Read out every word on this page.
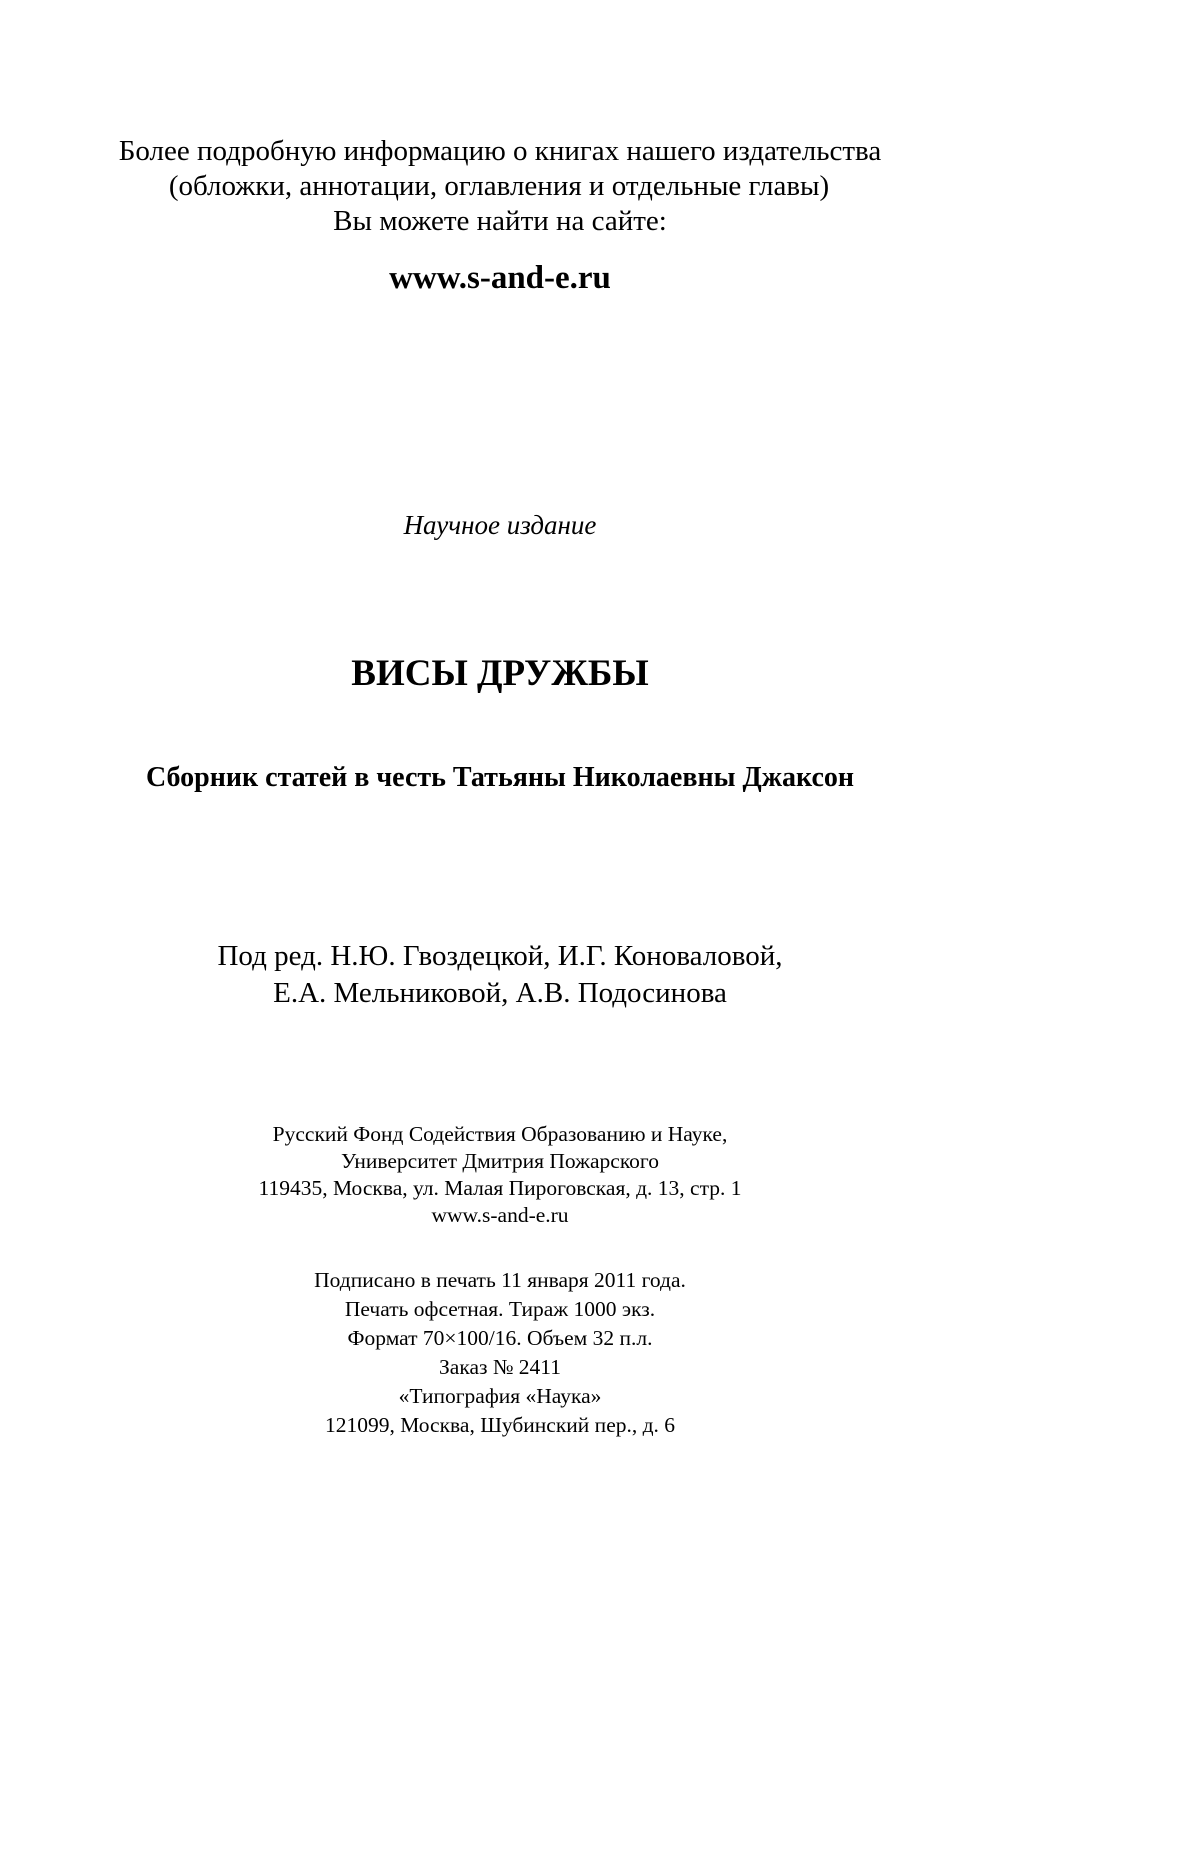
Более подробную информацию о книгах нашего издательства
(обложки, аннотации, оглавления и отдельные главы)
Вы можете найти на сайте:
www.s-and-e.ru
Научное издание
ВИСЫ ДРУЖБЫ
Сборник статей в честь Татьяны Николаевны Джаксон
Под ред. Н.Ю. Гвоздецкой, И.Г. Коноваловой,
Е.А. Мельниковой, А.В. Подосинова
Русский Фонд Содействия Образованию и Науке,
Университет Дмитрия Пожарского
119435, Москва, ул. Малая Пироговская, д. 13, стр. 1
www.s-and-e.ru
Подписано в печать 11 января 2011 года.
Печать офсетная. Тираж 1000 экз.
Формат 70×100/16. Объем 32 п.л.
Заказ № 2411
«Типография «Наука»
121099, Москва, Шубинский пер., д. 6
